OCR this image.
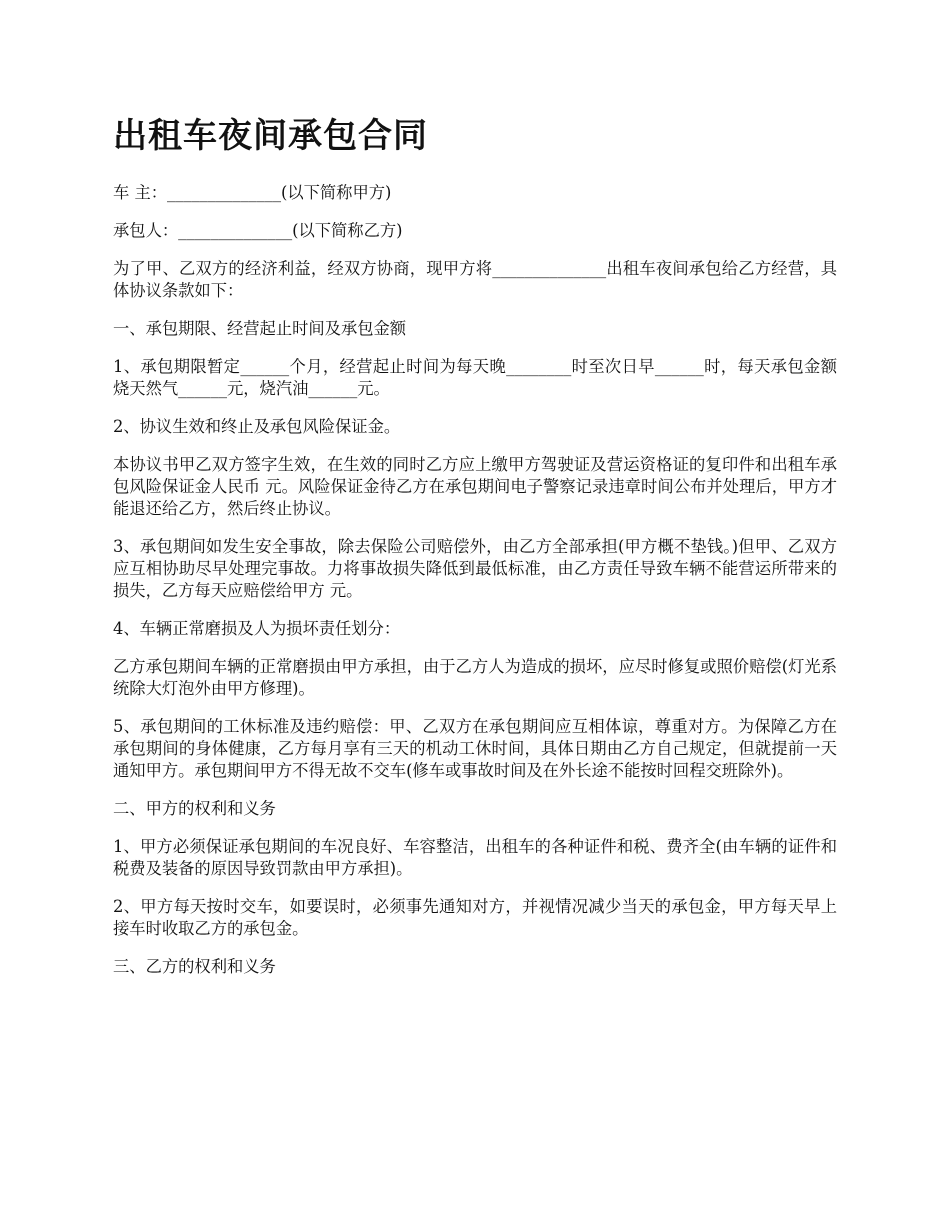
出租车夜间承包合同

车 主：______________(以下简称甲方)

承包人：______________(以下简称乙方)

为了甲、乙双方的经济利益，经双方协商，现甲方将______________出租车夜间承包给乙方经营，具体协议条款如下：

一、承包期限、经营起止时间及承包金额

1、承包期限暂定______个月，经营起止时间为每天晚________时至次日早______时，每天承包金额烧天然气______元，烧汽油______元。

2、协议生效和终止及承包风险保证金。

本协议书甲乙双方签字生效，在生效的同时乙方应上缴甲方驾驶证及营运资格证的复印件和出租车承包风险保证金人民币 元。风险保证金待乙方在承包期间电子警察记录违章时间公布并处理后，甲方才能退还给乙方，然后终止协议。

3、承包期间如发生安全事故，除去保险公司赔偿外，由乙方全部承担(甲方概不垫钱。)但甲、乙双方应互相协助尽早处理完事故。力将事故损失降低到最低标准，由乙方责任导致车辆不能营运所带来的损失，乙方每天应赔偿给甲方 元。

4、车辆正常磨损及人为损坏责任划分：

乙方承包期间车辆的正常磨损由甲方承担，由于乙方人为造成的损坏，应尽时修复或照价赔偿(灯光系统除大灯泡外由甲方修理)。

5、承包期间的工休标准及违约赔偿：甲、乙双方在承包期间应互相体谅，尊重对方。为保障乙方在承包期间的身体健康，乙方每月享有三天的机动工休时间，具体日期由乙方自己规定，但就提前一天通知甲方。承包期间甲方不得无故不交车(修车或事故时间及在外长途不能按时回程交班除外)。

二、甲方的权利和义务

1、甲方必须保证承包期间的车况良好、车容整洁，出租车的各种证件和税、费齐全(由车辆的证件和税费及装备的原因导致罚款由甲方承担)。

2、甲方每天按时交车，如要误时，必须事先通知对方，并视情况减少当天的承包金，甲方每天早上接车时收取乙方的承包金。

三、乙方的权利和义务
